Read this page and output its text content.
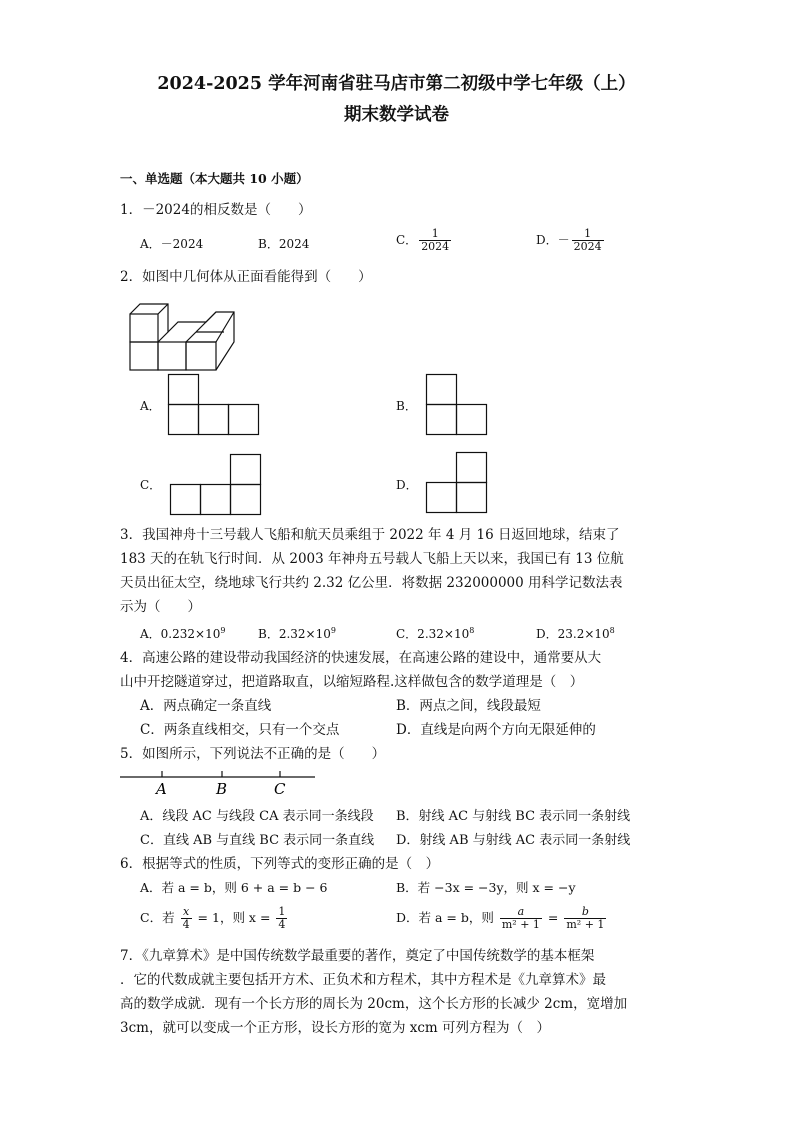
2024-2025 学年河南省驻马店市第二初级中学七年级（上）
期末数学试卷
一、单选题（本大题共 10 小题）
1．－2024的相反数是（　　）
A．－2024	B．2024	C． $\frac{1}{2024}$	D．－ $\frac{1}{2024}$
2．如图中几何体从正面看能得到（　　）
A．	B．
C．	D．
3．我国神舟十三号载人飞船和航天员乘组于 2022 年 4 月 16 日返回地球，结束了
183 天的在轨飞行时间．从 2003 年神舟五号载人飞船上天以来，我国已有 13 位航
天员出征太空，绕地球飞行共约 2.32 亿公里．将数据 232000000 用科学记数法表
示为（　　）
A．$0.232\times 10^9$	B．$2.32\times 10^9$	C．$2.32\times 10^8$	D．$23.2\times 10^8$
4．高速公路的建设带动我国经济的快速发展，在高速公路的建设中，通常要从大
山中开挖隧道穿过，把道路取直，以缩短路程.这样做包含的数学道理是（　）
A．两点确定一条直线	B．两点之间，线段最短
C．两条直线相交，只有一个交点	D．直线是向两个方向无限延伸的
5．如图所示，下列说法不正确的是（　　）
A	B	C
A．线段 AC 与线段 CA 表示同一条线段 B．射线 AC 与射线 BC 表示同一条射线
C．直线 AB 与直线 BC 表示同一条直线 D．射线 AB 与射线 AC 表示同一条射线
6．根据等式的性质，下列等式的变形正确的是（　）
A．若 a = b，则 6 + a = b − 6	B．若 −3x = −3y，则 x = −y
C．若 $\frac{x}{4} = 1$，则 $x = \frac{1}{4}$	D．若 a = b，则 $\frac{a}{\text{m² + 1}} = \frac{b}{\text{m² + 1}}$
7．《九章算术》是中国传统数学最重要的著作，奠定了中国传统数学的基本框架
．它的代数成就主要包括开方术、正负术和方程术，其中方程术是《九章算术》最
高的数学成就．现有一个长方形的周长为 20cm，这个长方形的长减少 2cm，宽增加
3cm，就可以变成一个正方形，设长方形的宽为 xcm 可列方程为（　）
